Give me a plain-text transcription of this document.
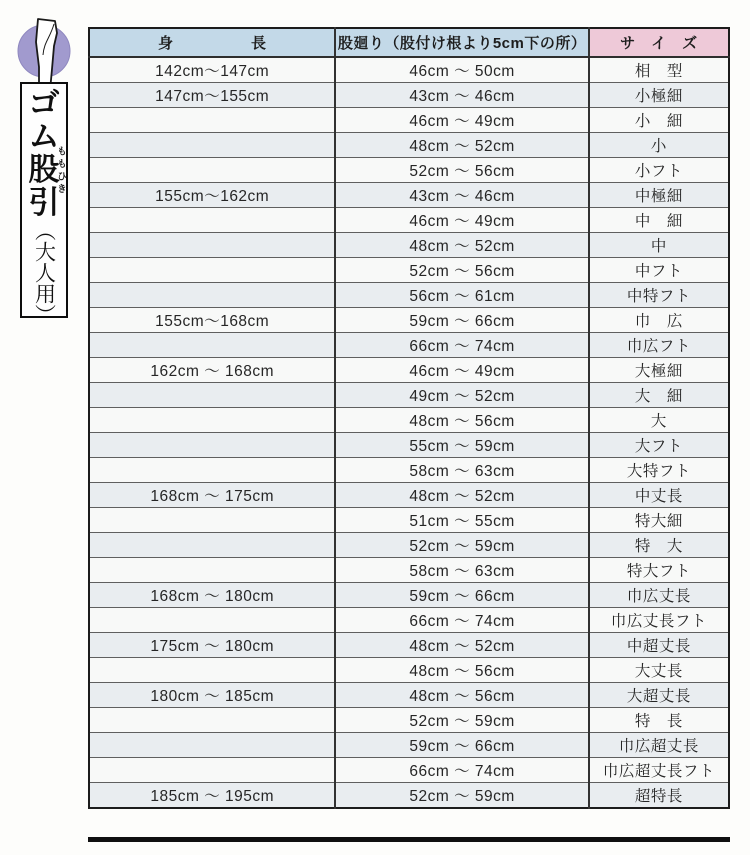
ゴ
ム
股
引
ももひき
（大人用）
身　　　　　長	股廻り（股付け根より5cm下の所）	サ　イ　ズ
142cm～147cm	46cm ～ 50cm	相　型
147cm～155cm	43cm ～ 46cm	小極細
	46cm ～ 49cm	小　細
	48cm ～ 52cm	小
	52cm ～ 56cm	小フト
155cm～162cm	43cm ～ 46cm	中極細
	46cm ～ 49cm	中　細
	48cm ～ 52cm	中
	52cm ～ 56cm	中フト
	56cm ～ 61cm	中特フト
155cm～168cm	59cm ～ 66cm	巾　広
	66cm ～ 74cm	巾広フト
162cm ～ 168cm	46cm ～ 49cm	大極細
	49cm ～ 52cm	大　細
	48cm ～ 56cm	大
	55cm ～ 59cm	大フト
	58cm ～ 63cm	大特フト
168cm ～ 175cm	48cm ～ 52cm	中丈長
	51cm ～ 55cm	特大細
	52cm ～ 59cm	特　大
	58cm ～ 63cm	特大フト
168cm ～ 180cm	59cm ～ 66cm	巾広丈長
	66cm ～ 74cm	巾広丈長フト
175cm ～ 180cm	48cm ～ 52cm	中超丈長
	48cm ～ 56cm	大丈長
180cm ～ 185cm	48cm ～ 56cm	大超丈長
	52cm ～ 59cm	特　長
	59cm ～ 66cm	巾広超丈長
	66cm ～ 74cm	巾広超丈長フト
185cm ～ 195cm	52cm ～ 59cm	超特長
